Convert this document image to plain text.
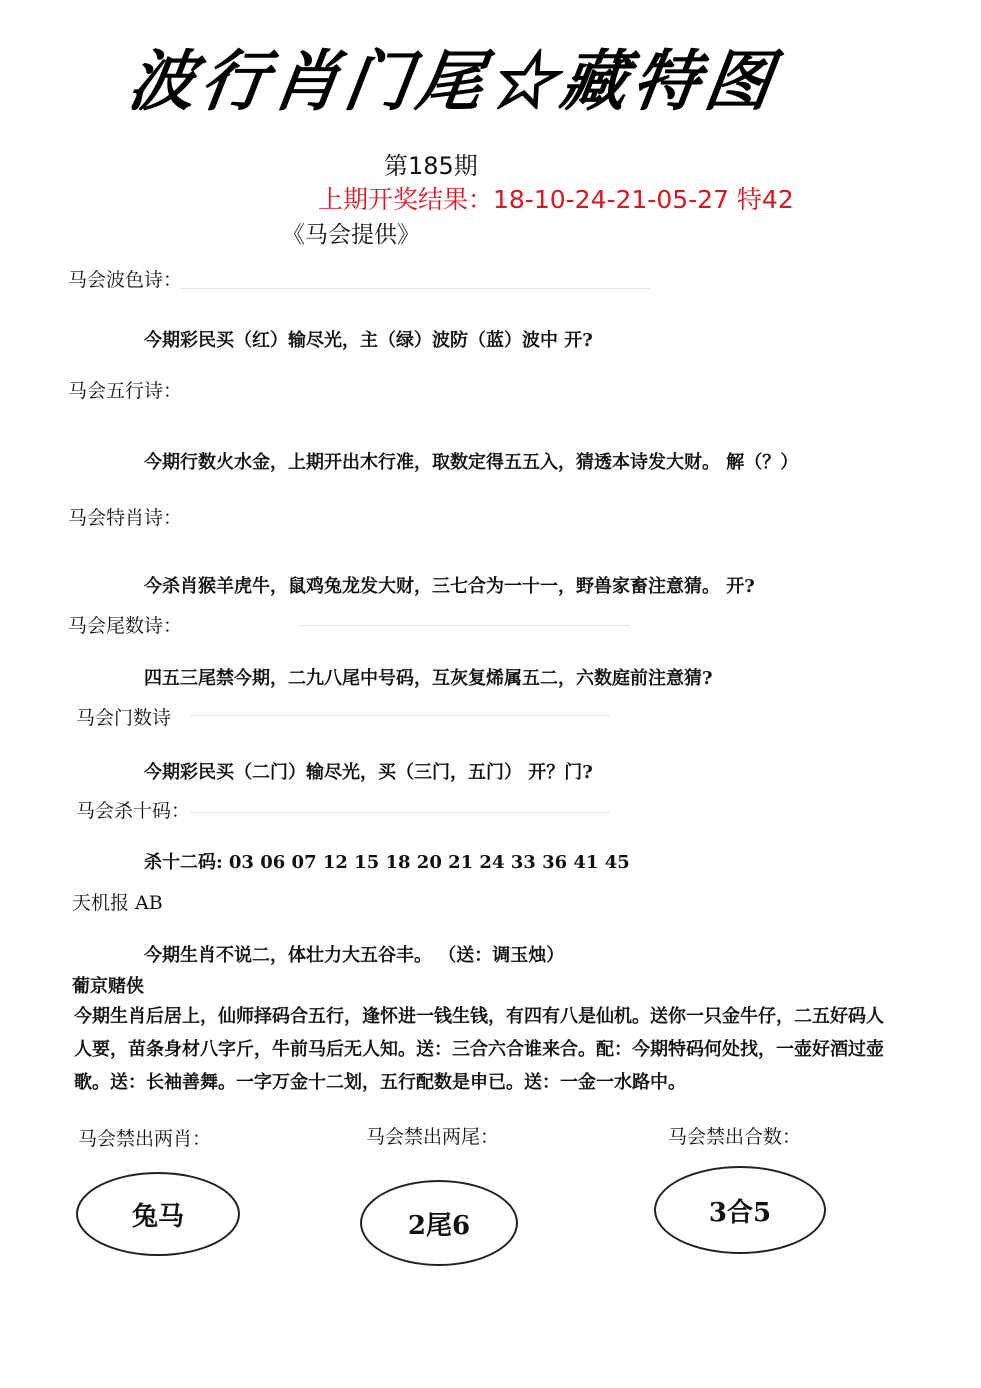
波行肖门尾☆藏特图
第185期
上期开奖结果：18-10-24-21-05-27 特42
《马会提供》
马会波色诗：
今期彩民买（红）输尽光，主（绿）波防（蓝）波中 开?
马会五行诗：
今期行数火水金，上期开出木行准，取数定得五五入，猜透本诗发大财。 解（？）
马会特肖诗：
今杀肖猴羊虎牛，鼠鸡兔龙发大财，三七合为一十一，野兽家畜注意猜。 开?
马会尾数诗：
四五三尾禁今期，二九八尾中号码，互灰复烯属五二，六数庭前注意猜?
马会门数诗
今期彩民买（二门）输尽光，买（三门，五门） 开？门?
马会杀十码：
杀十二码: 03 06 07 12 15 18 20 21 24 33 36 41 45
天机报 AB
今期生肖不说二，体壮力大五谷丰。 （送：调玉烛）
葡京赌侠
今期生肖后居上，仙师择码合五行，逢怀进一钱生钱，有四有八是仙机。送你一只金牛仔，二五好码人人要，苗条身材八字斤，牛前马后无人知。送：三合六合谁来合。配：今期特码何处找，一壶好酒过壶歌。送：长袖善舞。一字万金十二划，五行配数是申已。送：一金一水路中。
马会禁出两肖：	马会禁出两尾：	马会禁出合数：
兔马	2尾6	3合5
